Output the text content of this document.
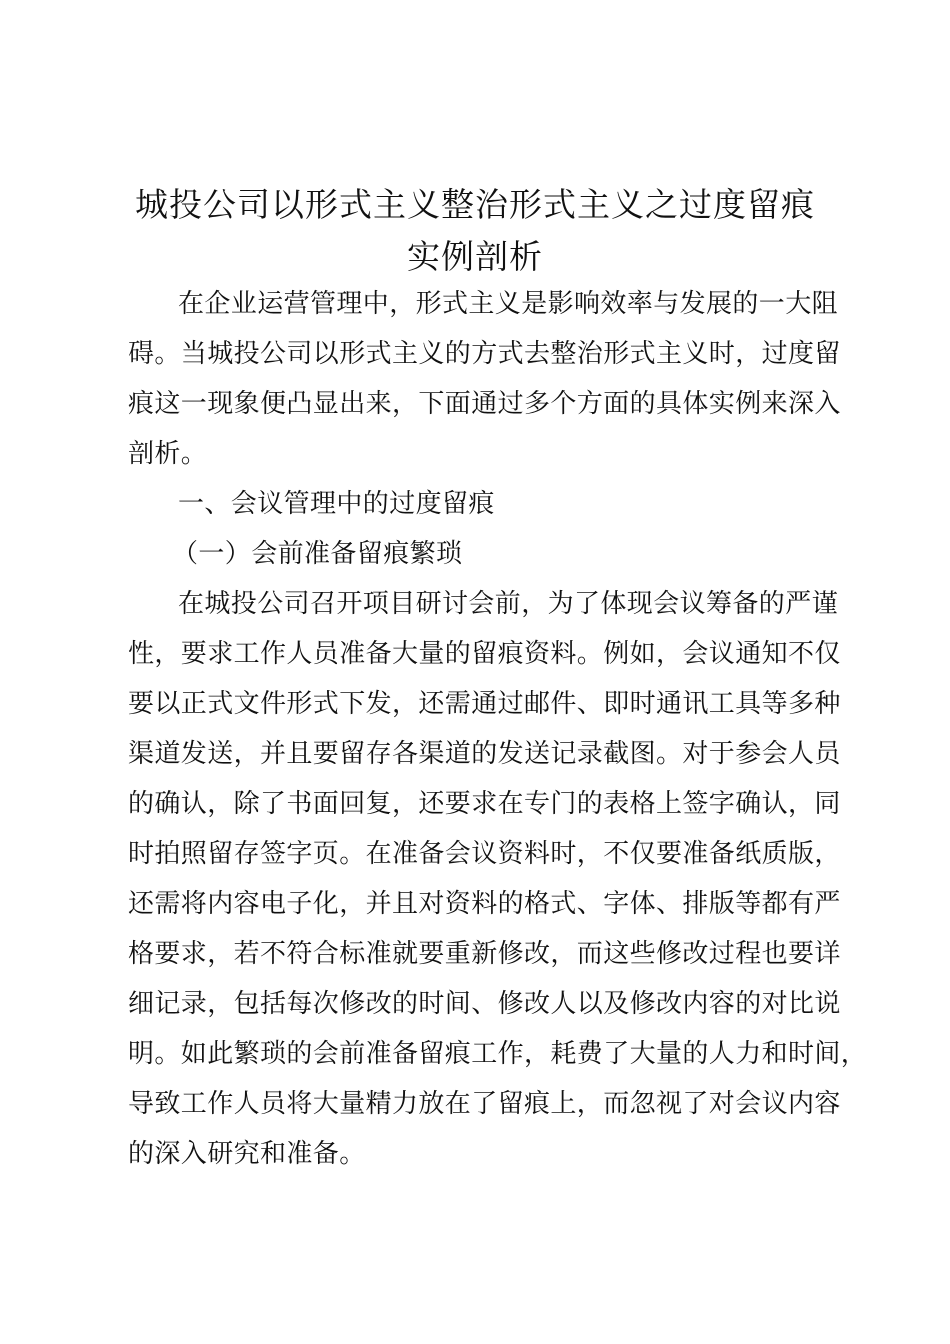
城投公司以形式主义整治形式主义之过度留痕
实例剖析
在企业运营管理中，形式主义是影响效率与发展的一大阻
碍。当城投公司以形式主义的方式去整治形式主义时，过度留
痕这一现象便凸显出来，下面通过多个方面的具体实例来深入
剖析。
一、会议管理中的过度留痕
（一）会前准备留痕繁琐
在城投公司召开项目研讨会前，为了体现会议筹备的严谨
性，要求工作人员准备大量的留痕资料。例如，会议通知不仅
要以正式文件形式下发，还需通过邮件、即时通讯工具等多种
渠道发送，并且要留存各渠道的发送记录截图。对于参会人员
的确认，除了书面回复，还要求在专门的表格上签字确认，同
时拍照留存签字页。在准备会议资料时，不仅要准备纸质版，
还需将内容电子化，并且对资料的格式、字体、排版等都有严
格要求，若不符合标准就要重新修改，而这些修改过程也要详
细记录，包括每次修改的时间、修改人以及修改内容的对比说
明。如此繁琐的会前准备留痕工作，耗费了大量的人力和时间，
导致工作人员将大量精力放在了留痕上，而忽视了对会议内容
的深入研究和准备。
